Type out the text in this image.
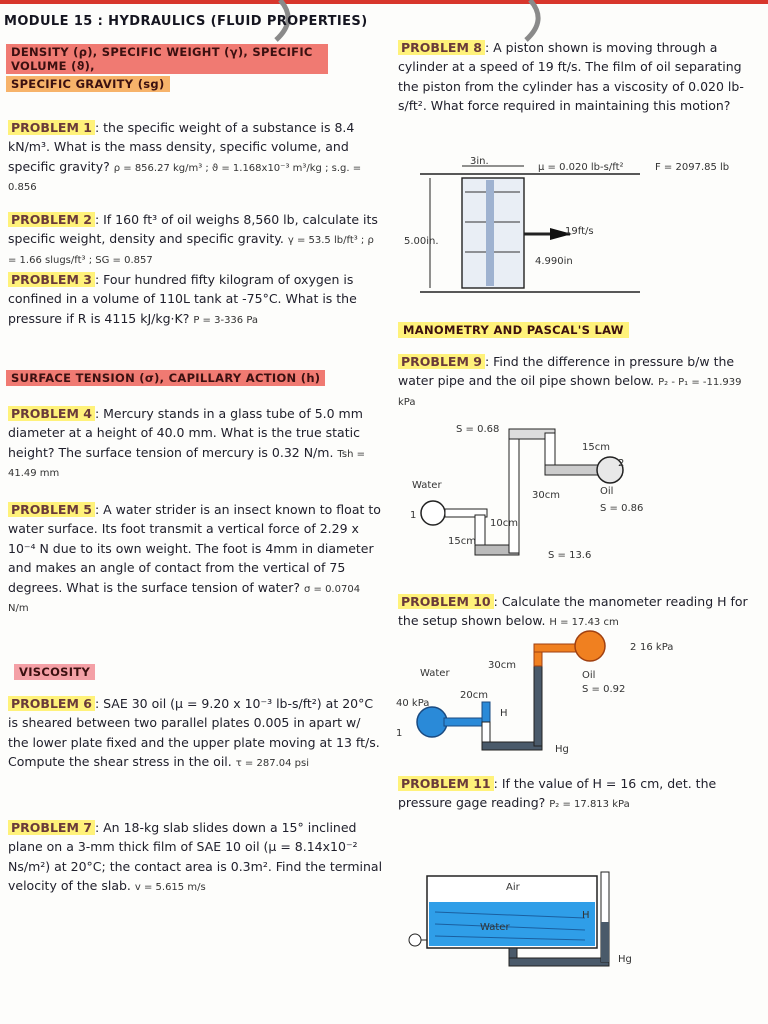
MODULE 15 : HYDRAULICS (FLUID PROPERTIES)
DENSITY (ρ), SPECIFIC WEIGHT (γ), SPECIFIC VOLUME (ϑ),
SPECIFIC GRAVITY (sg)
PROBLEM 1 : the specific weight of a substance is 8.4 kN/m³. What is the mass density, specific volume, and specific gravity? ρ = 856.27 kg/m³ ; ϑ = 1.168x10⁻³ m³/kg ; s.g. = 0.856
PROBLEM 2 : If 160 ft³ of oil weighs 8,560 lb, calculate its specific weight, density and specific gravity. γ = 53.5 lb/ft³ ; ρ = 1.66 slugs/ft³ ; SG = 0.857
PROBLEM 3 : Four hundred fifty kilogram of oxygen is confined in a volume of 110L tank at -75°C. What is the pressure if R is 4115 kJ/kg·K? P = 3-336 Pa
SURFACE TENSION (σ), CAPILLARY ACTION (h)
PROBLEM 4 : Mercury stands in a glass tube of 5.0 mm diameter at a height of 40.0 mm. What is the true static height? The surface tension of mercury is 0.32 N/m. Tsh = 41.49 mm
PROBLEM 5 : A water strider is an insect known to float to water surface. Its foot transmit a vertical force of 2.29 x 10⁻⁴ N due to its own weight. The foot is 4mm in diameter and makes an angle of contact from the vertical of 75 degrees. What is the surface tension of water? σ = 0.0704 N/m
VISCOSITY
PROBLEM 6 : SAE 30 oil (μ = 9.20 x 10⁻³ lb-s/ft²) at 20°C is sheared between two parallel plates 0.005 in apart w/ the lower plate fixed and the upper plate moving at 13 ft/s. Compute the shear stress in the oil. τ = 287.04 psi
PROBLEM 7 : An 18-kg slab slides down a 15° inclined plane on a 3-mm thick film of SAE 10 oil (μ = 8.14x10⁻² Ns/m²) at 20°C; the contact area is 0.3m². Find the terminal velocity of the slab. v = 5.615 m/s
PROBLEM 8 : A piston shown is moving through a cylinder at a speed of 19 ft/s. The film of oil separating the piston from the cylinder has a viscosity of 0.020 lb-s/ft². What force required in maintaining this motion?
3in.
μ = 0.020 lb-s/ft²	F = 2097.85 lb
5.00in.
19ft/s
4.990in
MANOMETRY AND PASCAL'S LAW
PROBLEM 9 : Find the difference in pressure b/w the water pipe and the oil pipe shown below. P₂ - P₁ = -11.939 kPa
S = 0.68
15cm
2
Water
30cm	Oil
S = 0.86
1
10cm
15cm
S = 13.6
PROBLEM 10 : Calculate the manometer reading H for the setup shown below. H = 17.43 cm
2 16 kPa
Water
30cm
Oil
S = 0.92
20cm
40 kPa
H
1
Hg
PROBLEM 11 : If the value of H = 16 cm, det. the pressure gage reading? P₂ = 17.813 kPa
Air
Water
H
Hg
